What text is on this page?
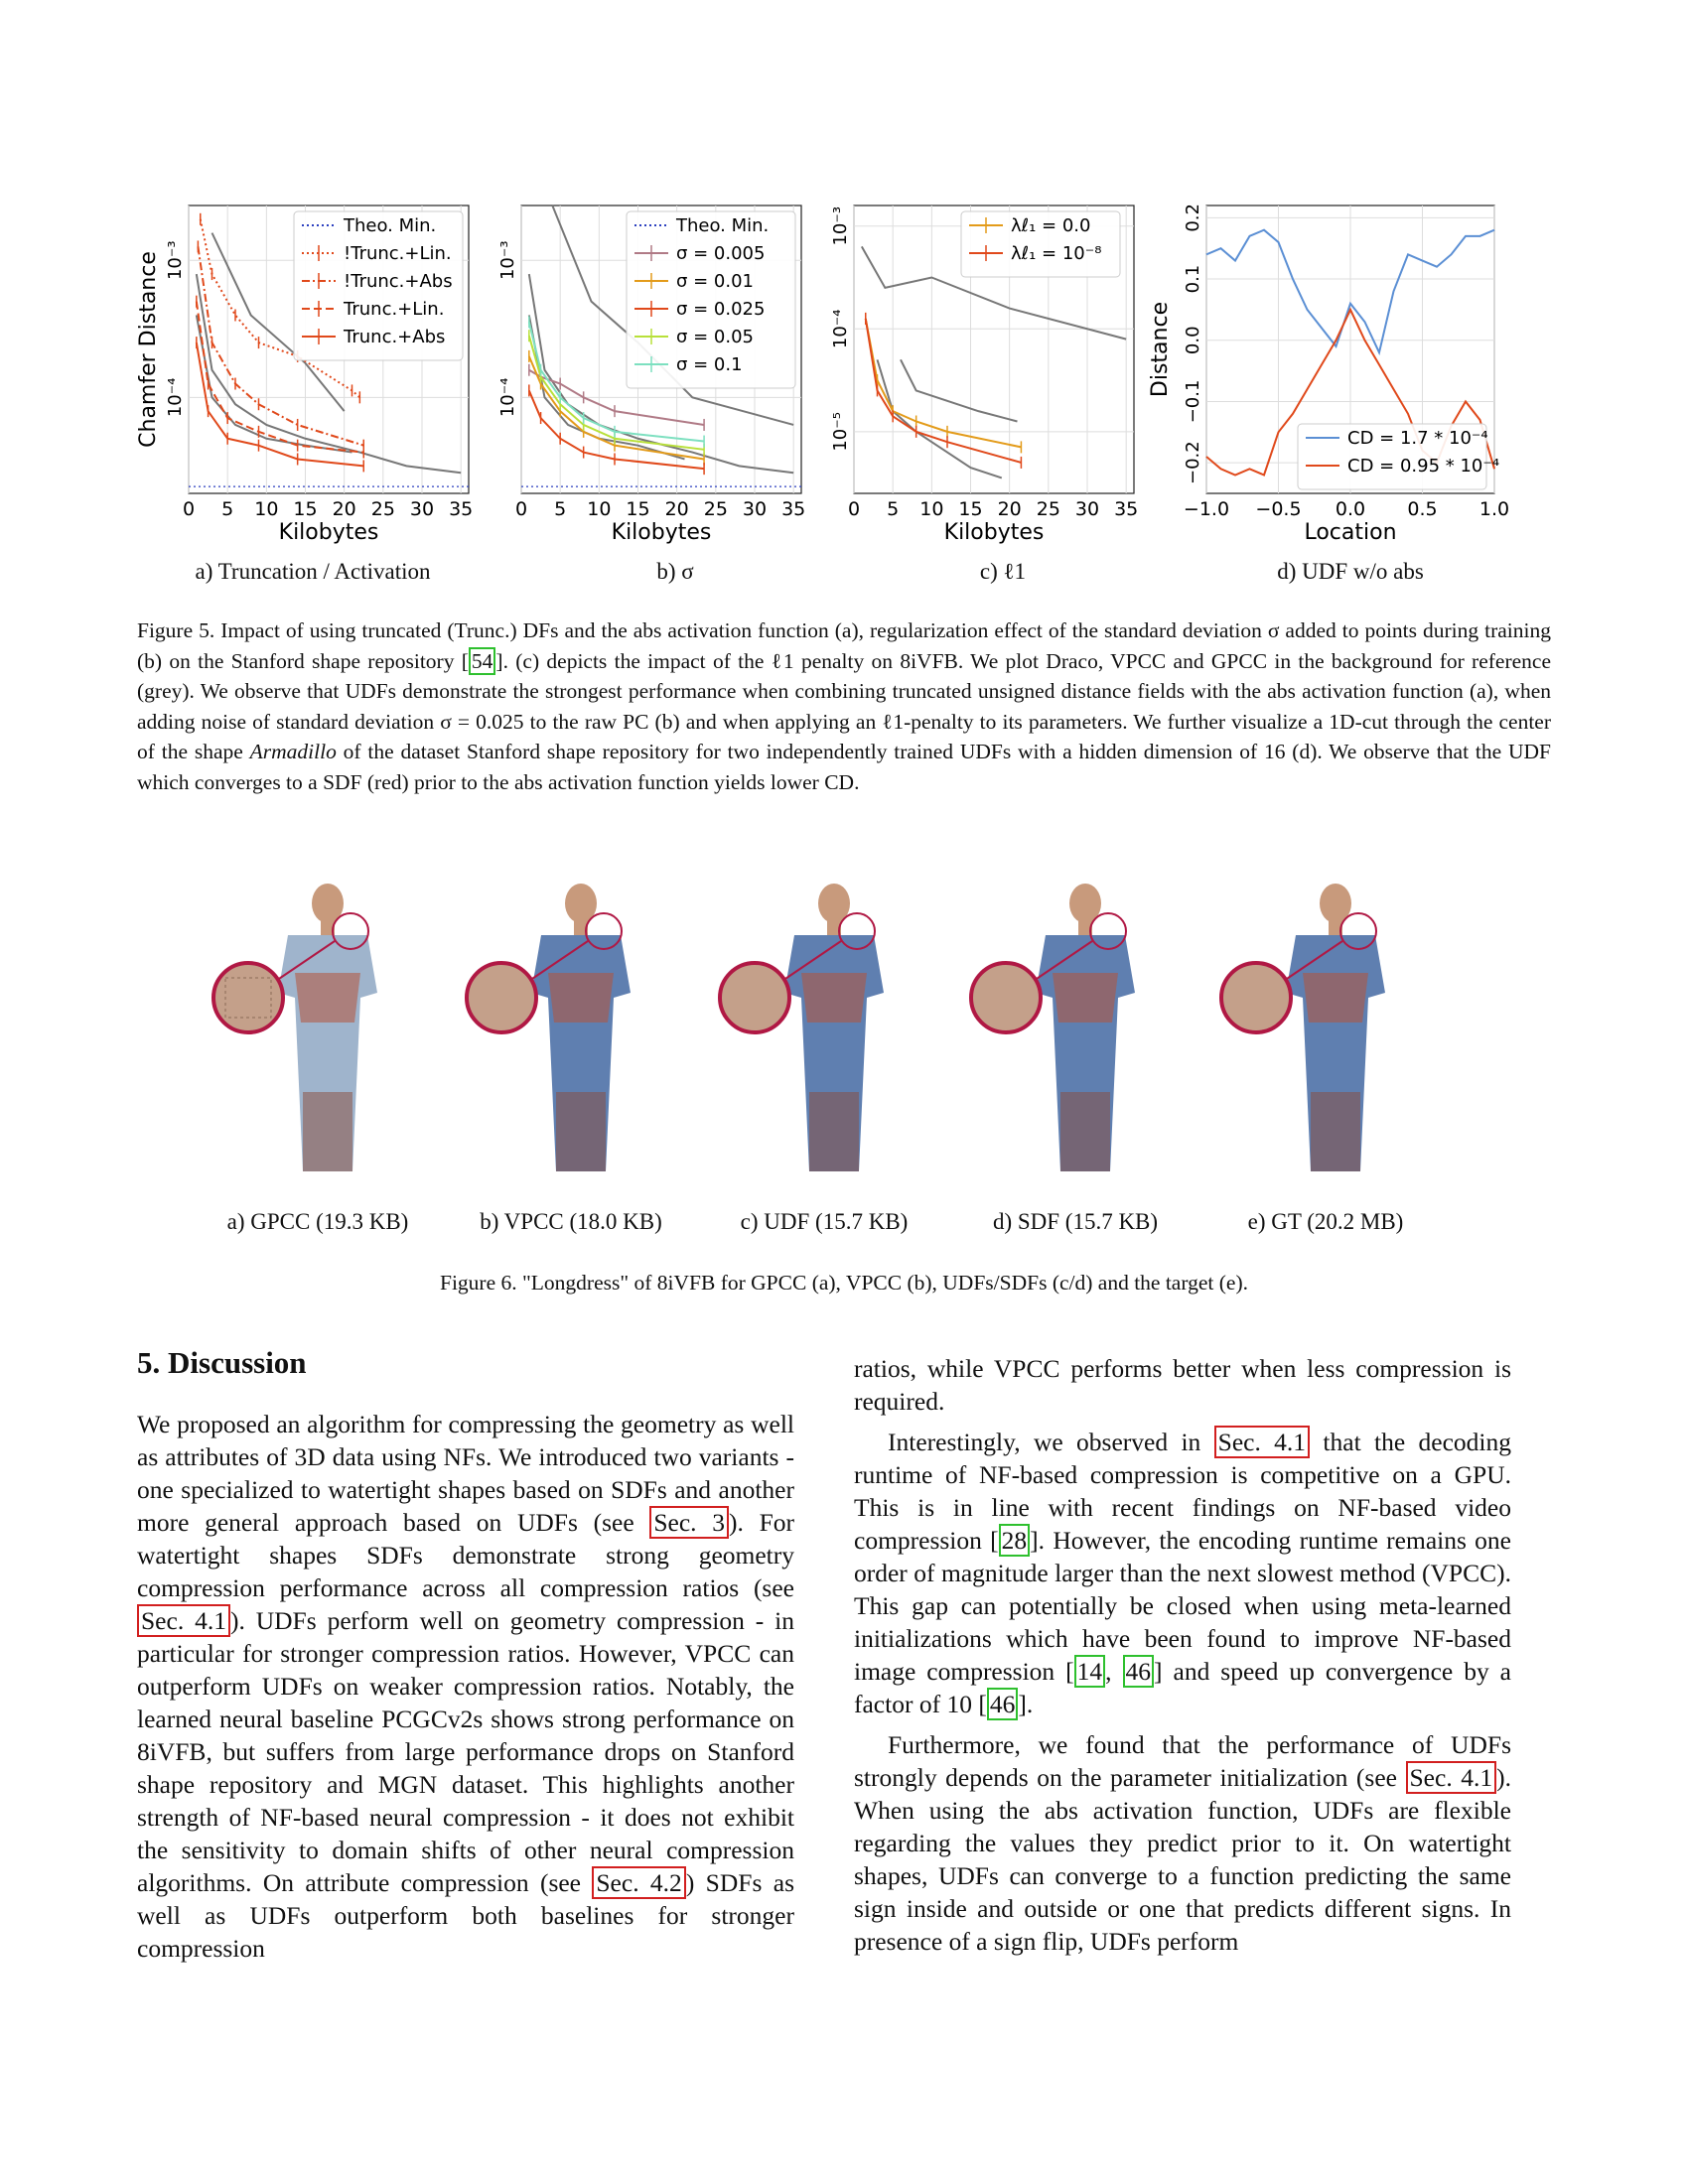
0 5 10 15 20 25 30 35
10⁻³
10⁻⁴
Kilobytes
Chamfer Distance
Theo. Min.
!Trunc.+Lin.
!Trunc.+Abs
Trunc.+Lin.
Trunc.+Abs
0 5 10 15 20 25 30 35
10⁻³
10⁻⁴
Kilobytes
Theo. Min.
σ = 0.005
σ = 0.01
σ = 0.025
σ = 0.05
σ = 0.1
0 5 10 15 20 25 30 35
10⁻³
10⁻⁴
10⁻⁵
Kilobytes
λℓ₁ = 0.0
λℓ₁ = 10⁻⁸
−1.0 −0.5 0.0 0.5 1.0
−0.2
−0.1
0.0
0.1
0.2
Location
Distance
CD = 1.7 * 10⁻⁴
CD = 0.95 * 10⁻⁴
a) Truncation / Activation	b) σ	c) ℓ1	d) UDF w/o abs
Figure 5. Impact of using truncated (Trunc.) DFs and the abs activation function (a), regularization effect of the standard deviation σ added to points during training (b) on the Stanford shape repository [ 54 ]. (c) depicts the impact of the ℓ1 penalty on 8iVFB. We plot Draco, VPCC and GPCC in the background for reference (grey). We observe that UDFs demonstrate the strongest performance when combining truncated unsigned distance fields with the abs activation function (a), when adding noise of standard deviation σ = 0.025 to the raw PC (b) and when applying an ℓ1-penalty to its parameters. We further visualize a 1D-cut through the center of the shape Armadillo of the dataset Stanford shape repository for two independently trained UDFs with a hidden dimension of 16 (d). We observe that the UDF which converges to a SDF (red) prior to the abs activation function yields lower CD.
a) GPCC (19.3 KB)	b) VPCC (18.0 KB)	c) UDF (15.7 KB)	d) SDF (15.7 KB)	e) GT (20.2 MB)
Figure 6. "Longdress" of 8iVFB for GPCC (a), VPCC (b), UDFs/SDFs (c/d) and the target (e).
5. Discussion

We proposed an algorithm for compressing the geometry as well as attributes of 3D data using NFs. We introduced two variants - one specialized to watertight shapes based on SDFs and another more general approach based on UDFs (see Sec. 3 ). For watertight shapes SDFs demonstrate strong geometry compression performance across all compression ratios (see Sec. 4.1 ). UDFs perform well on geometry compression - in particular for stronger compression ratios. However, VPCC can outperform UDFs on weaker compression ratios. Notably, the learned neural baseline PCGCv2s shows strong performance on 8iVFB, but suffers from large performance drops on Stanford shape repository and MGN dataset. This highlights another strength of NF-based neural compression - it does not exhibit the sensitivity to domain shifts of other neural compression algorithms. On attribute compression (see Sec. 4.2 ) SDFs as well as UDFs outperform both baselines for stronger compression

ratios, while VPCC performs better when less compression is required.

Interestingly, we observed in Sec. 4.1 that the decoding runtime of NF-based compression is competitive on a GPU. This is in line with recent findings on NF-based video compression [ 28 ]. However, the encoding runtime remains one order of magnitude larger than the next slowest method (VPCC). This gap can potentially be closed when using meta-learned initializations which have been found to improve NF-based image compression [ 14 , 46 ] and speed up convergence by a factor of 10 [ 46 ].

Furthermore, we found that the performance of UDFs strongly depends on the parameter initialization (see Sec. 4.1 ). When using the abs activation function, UDFs are flexible regarding the values they predict prior to it. On watertight shapes, UDFs can converge to a function predicting the same sign inside and outside or one that predicts different signs. In presence of a sign flip, UDFs perform
